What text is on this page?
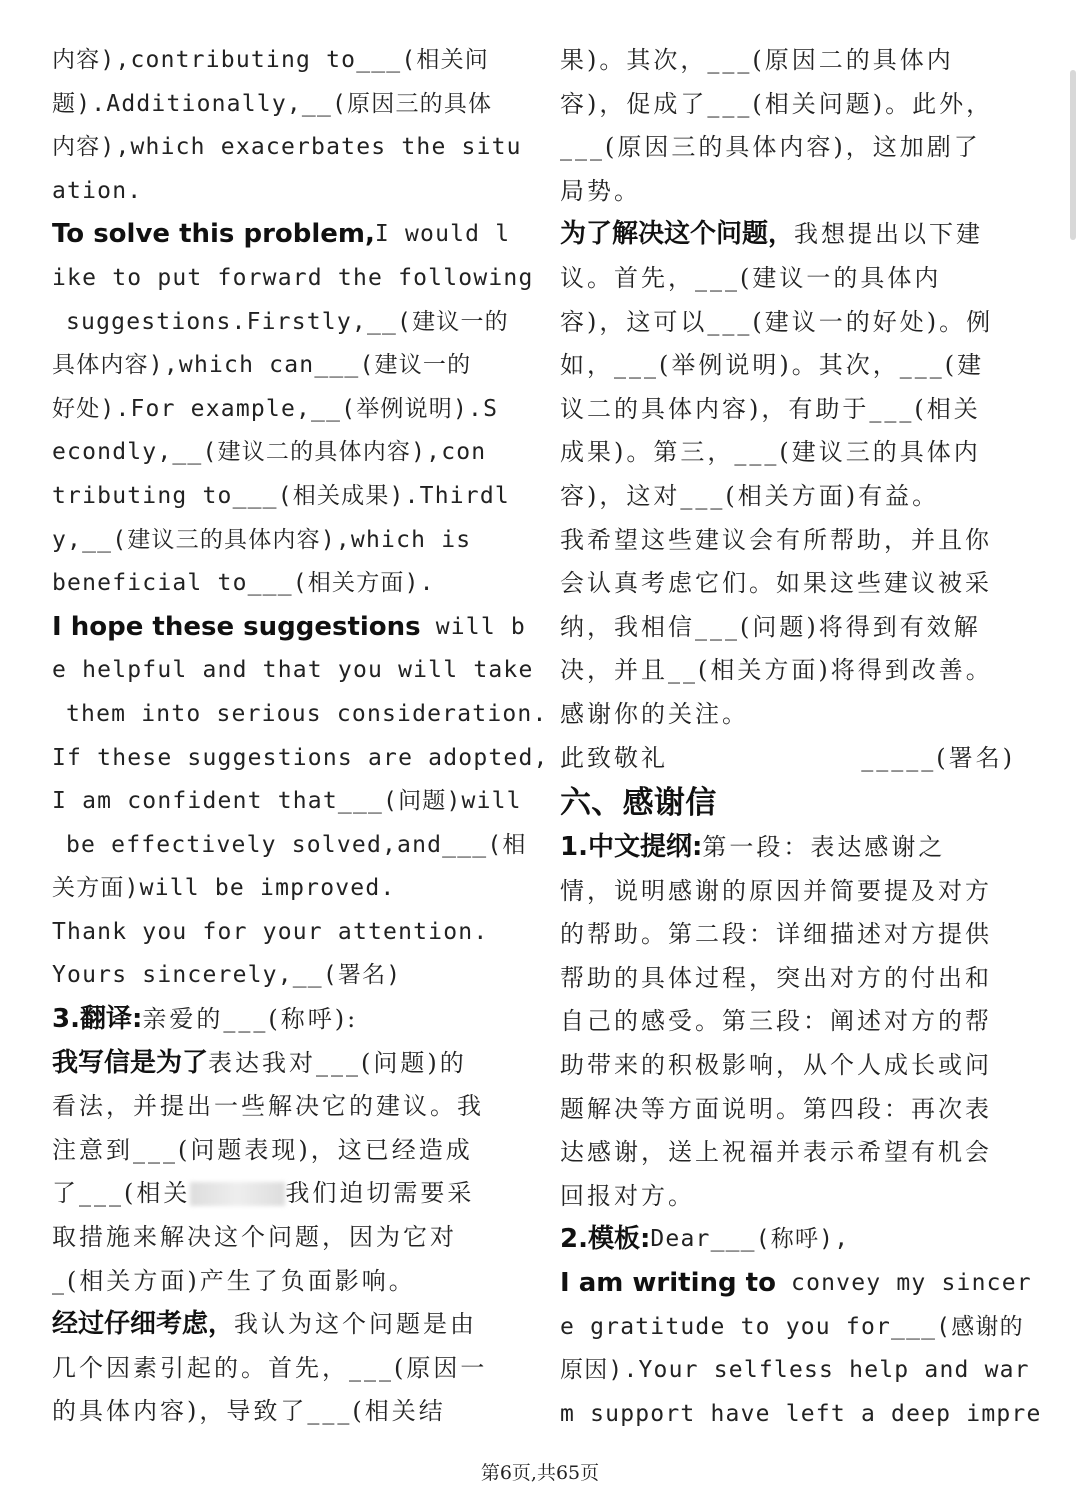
内容),contributing to___(相关问
题).Additionally,__(原因三的具体
内容),which exacerbates the situ
ation.
To solve this problem, I would l
ike to put forward the following
suggestions.Firstly,__(建议一的
具体内容),which can___(建议一的
好处).For example,__(举例说明).S
econdly,__(建议二的具体内容),con
tributing to___(相关成果).Thirdl
y,__(建议三的具体内容),which is
beneficial to___(相关方面).
I hope these suggestions will b
e helpful and that you will take
them into serious consideration.
If these suggestions are adopted,
I am confident that___(问题)will
be effectively solved,and___(相
关方面)will be improved.
Thank you for your attention.
Yours sincerely,__(署名)
3.翻译: 亲爱的___(称呼):
我写信是为了 表达我对___(问题)的
看法，并提出一些解决它的建议。我
注意到___(问题表现)，这已经造成
了___(相关	我们迫切需要采
取措施来解决这个问题，因为它对
_(相关方面)产生了负面影响。
经过仔细考虑， 我认为这个问题是由
几个因素引起的。首先，___(原因一
的具体内容)，导致了___(相关结
果)。其次，___(原因二的具体内
容)，促成了___(相关问题)。此外，
___(原因三的具体内容)，这加剧了
局势。
为了解决这个问题， 我想提出以下建
议。首先，___(建议一的具体内
容)，这可以___(建议一的好处)。例
如，___(举例说明)。其次，___(建
议二的具体内容)，有助于___(相关
成果)。第三，___(建议三的具体内
容)，这对___(相关方面)有益。
我希望这些建议会有所帮助，并且你
会认真考虑它们。如果这些建议被采
纳，我相信___(问题)将得到有效解
决，并且__(相关方面)将得到改善。
感谢你的关注。
此致敬礼	_____(署名)
六、感谢信
1.中文提纲: 第一段：表达感谢之
情，说明感谢的原因并简要提及对方
的帮助。第二段：详细描述对方提供
帮助的具体过程，突出对方的付出和
自己的感受。第三段：阐述对方的帮
助带来的积极影响，从个人成长或问
题解决等方面说明。第四段：再次表
达感谢，送上祝福并表示希望有机会
回报对方。
2.模板: Dear___(称呼),
I am writing to convey my sincer
e gratitude to you for___(感谢的
原因).Your selfless help and war
m support have left a deep impre
第6页,共65页
